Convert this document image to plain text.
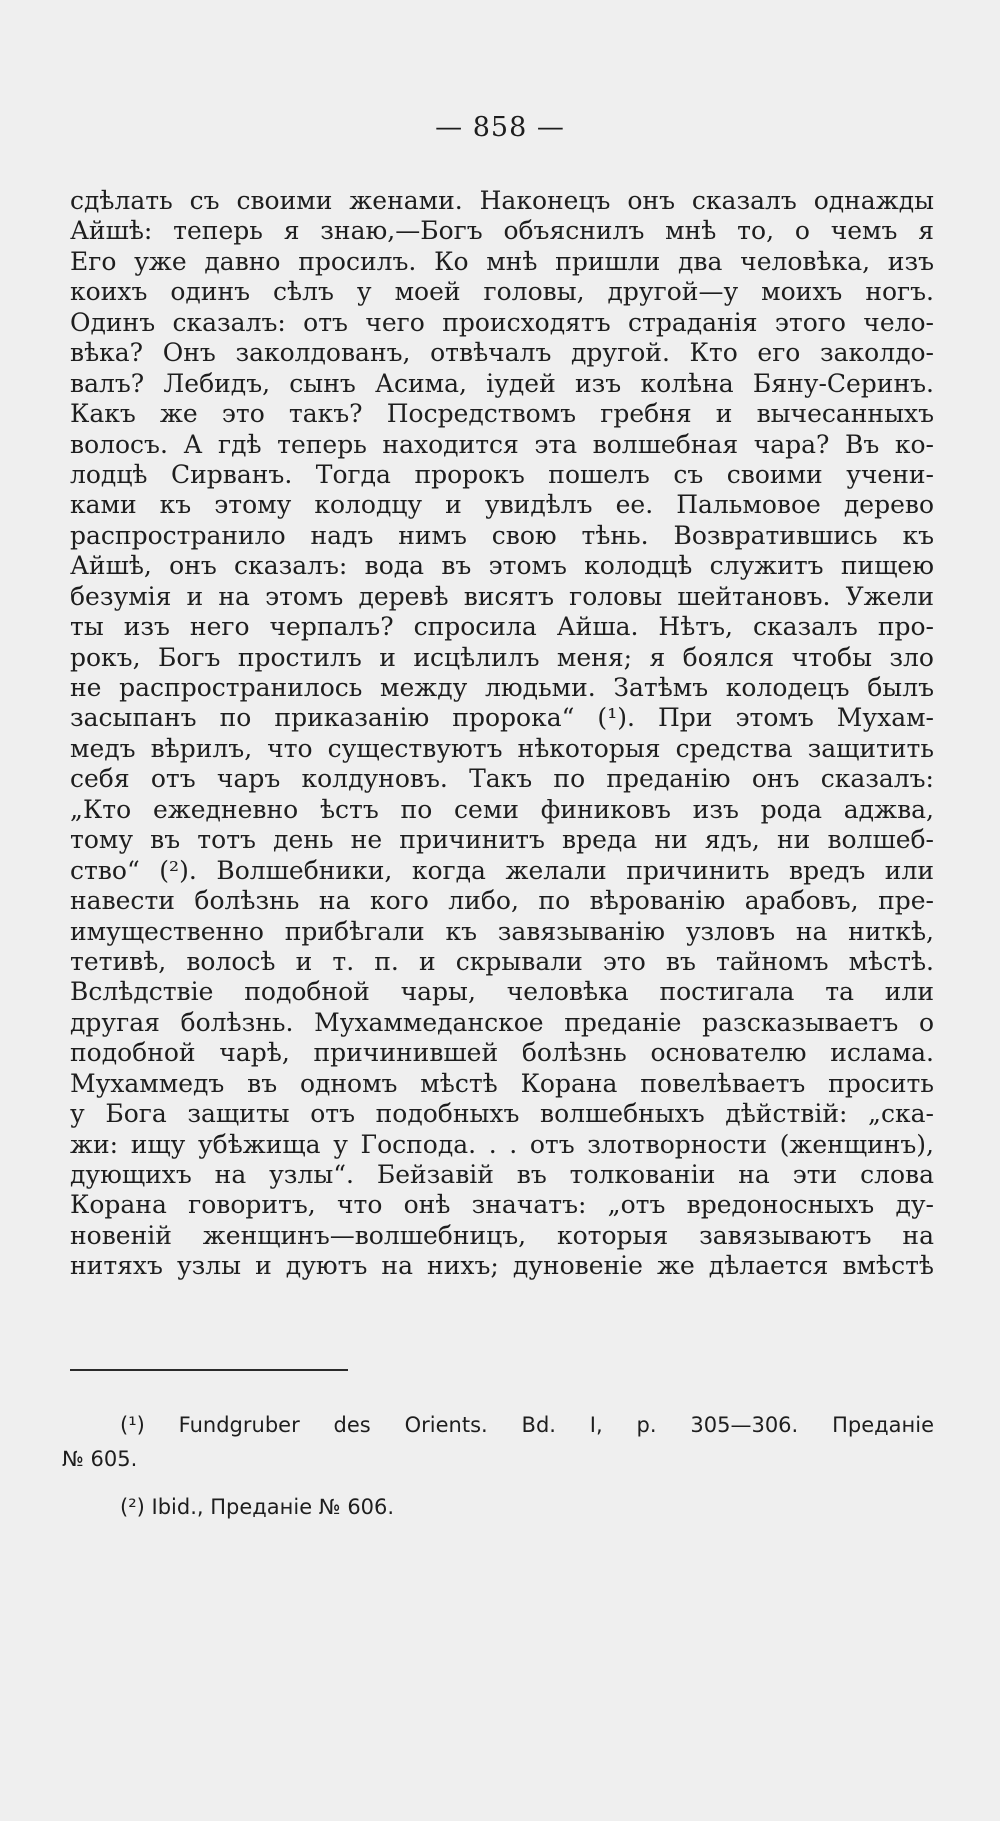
— 858 —
сдѣлать съ своими женами. Наконецъ онъ сказалъ однажды
Айшѣ: теперь я знаю,—Богъ объяснилъ мнѣ то, о чемъ я
Его уже давно просилъ. Ко мнѣ пришли два человѣка, изъ
коихъ одинъ сѣлъ у моей головы, другой—у моихъ ногъ.
Одинъ сказалъ: отъ чего происходятъ страданія этого чело-
вѣка? Онъ заколдованъ, отвѣчалъ другой. Кто его заколдо-
валъ? Лебидъ, сынъ Асима, іудей изъ колѣна Бяну-Серинъ.
Какъ же это такъ? Посредствомъ гребня и вычесанныхъ
волосъ. А гдѣ теперь находится эта волшебная чара? Въ ко-
лодцѣ Сирванъ. Тогда пророкъ пошелъ съ своими учени-
ками къ этому колодцу и увидѣлъ ее. Пальмовое дерево
распространило надъ нимъ свою тѣнь. Возвратившись къ
Айшѣ, онъ сказалъ: вода въ этомъ колодцѣ служитъ пищею
безумія и на этомъ деревѣ висятъ головы шейтановъ. Ужели
ты изъ него черпалъ? спросила Айша. Нѣтъ, сказалъ про-
рокъ, Богъ простилъ и исцѣлилъ меня; я боялся чтобы зло
не распространилось между людьми. Затѣмъ колодецъ былъ
засыпанъ по приказанію пророка“ (¹). При этомъ Мухам-
медъ вѣрилъ, что существуютъ нѣкоторыя средства защитить
себя отъ чаръ колдуновъ. Такъ по преданію онъ сказалъ:
„Кто ежедневно ѣстъ по семи финиковъ изъ рода аджва,
тому въ тотъ день не причинитъ вреда ни ядъ, ни волшеб-
ство“ (²). Волшебники, когда желали причинить вредъ или
навести болѣзнь на кого либо, по вѣрованію арабовъ, пре-
имущественно прибѣгали къ завязыванію узловъ на ниткѣ,
тетивѣ, волосѣ и т. п. и скрывали это въ тайномъ мѣстѣ.
Вслѣдствіе подобной чары, человѣка постигала та или
другая болѣзнь. Мухаммеданское преданіе разсказываетъ о
подобной чарѣ, причинившей болѣзнь основателю ислама.
Мухаммедъ въ одномъ мѣстѣ Корана повелѣваетъ просить
у Бога защиты отъ подобныхъ волшебныхъ дѣйствій: „ска-
жи: ищу убѣжища у Господа. . . отъ злотворности (женщинъ),
дующихъ на узлы“. Бейзавій въ толкованіи на эти слова
Корана говоритъ, что онѣ значатъ: „отъ вредоносныхъ ду-
новеній женщинъ—волшебницъ, которыя завязываютъ на
нитяхъ узлы и дуютъ на нихъ; дуновеніе же дѣлается вмѣстѣ
(¹) Fundgruber des Orients. Bd. I, p. 305—306. Преданіе
№ 605.
(²) Ibid., Преданіе № 606.
